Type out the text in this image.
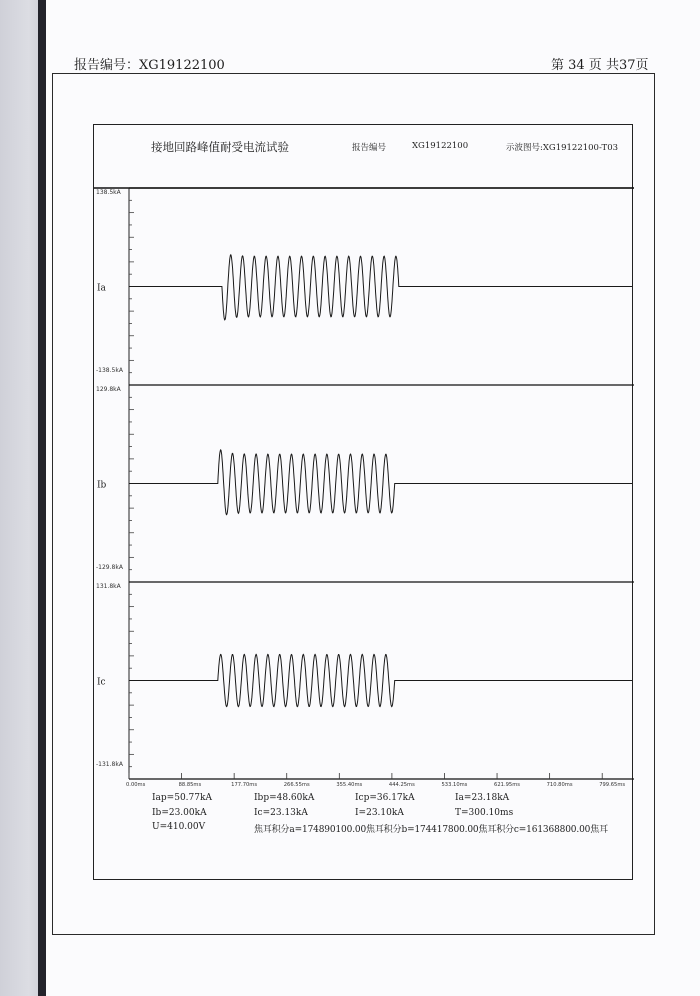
报告编号：XG19122100	第 34 页 共37页
接地回路峰值耐受电流试验	报告编号	XG19122100	示波图号:XG19122100-T03
138.5kA
-138.5kA
Ia
129.8kA
-129.8kA
Ib
131.8kA
-131.8kA
Ic
0.00ms	88.85ms	177.70ms	266.55ms	355.40ms	444.25ms	533.10ms	621.95ms	710.80ms	799.65ms
Iap=50.77kA	Ibp=48.60kA	Icp=36.17kA	Ia=23.18kA
Ib=23.00kA	Ic=23.13kA	I=23.10kA	T=300.10ms
U=410.00V	焦耳积分a=174890100.00焦耳积分b=174417800.00焦耳积分c=161368800.00焦耳
